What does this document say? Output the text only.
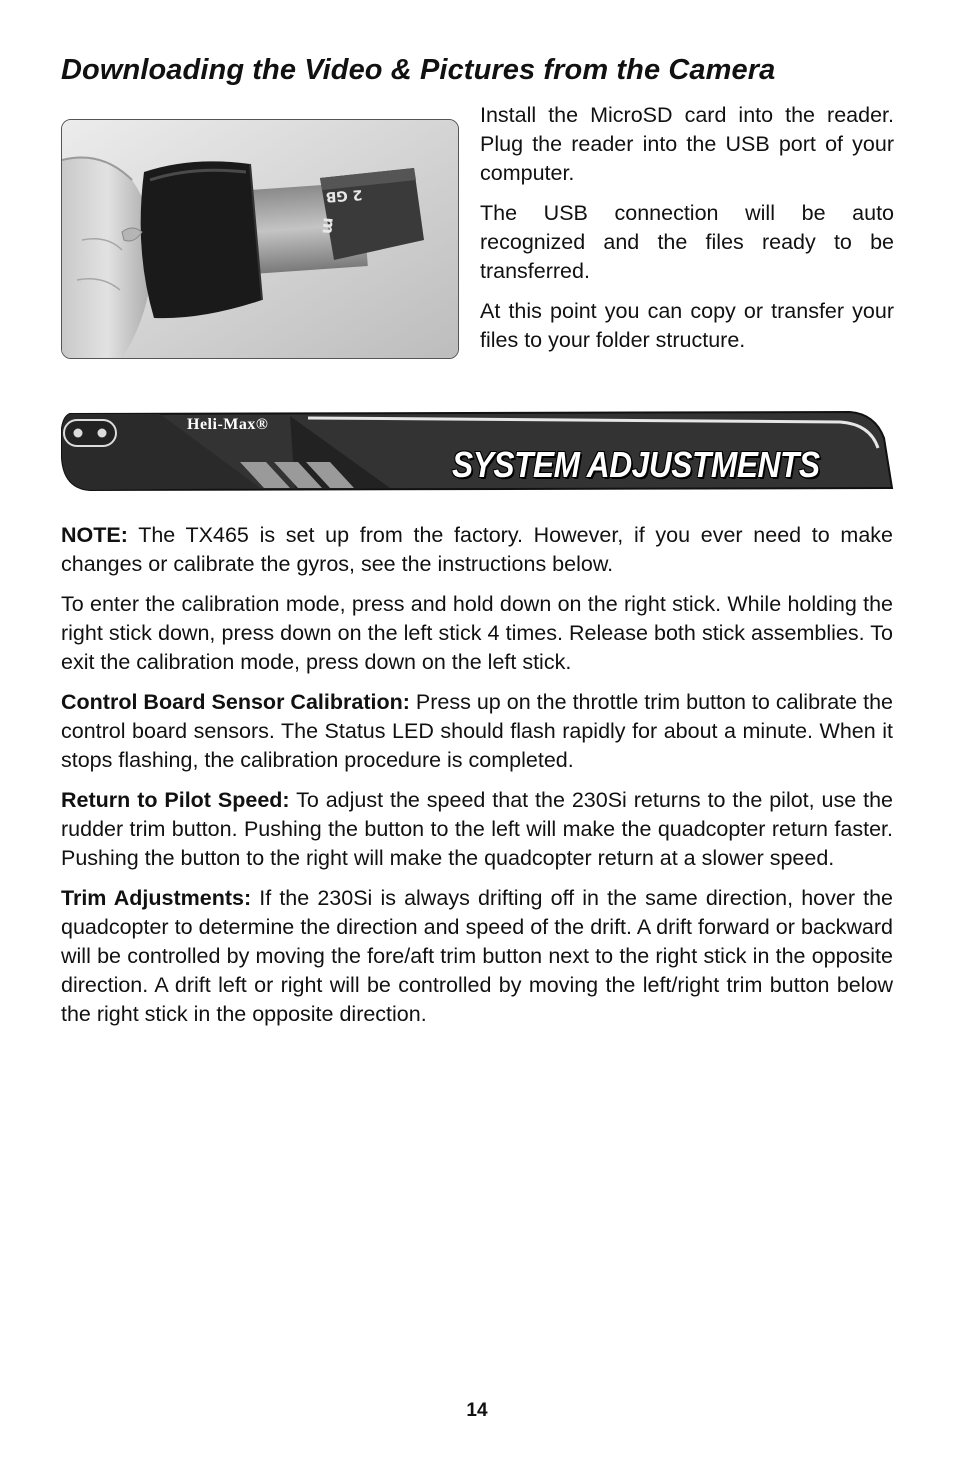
Downloading the Video & Pictures from the Camera
2 GB
m

Install the MicroSD card into the reader. Plug the reader into the USB port of your computer.

The USB connection will be auto recognized and the files ready to be transferred.

At this point you can copy or transfer your files to your folder structure.

Heli-Max®
SYSTEM ADJUSTMENTS

NOTE: The TX465 is set up from the factory. However, if you ever need to make changes or calibrate the gyros, see the instructions below.

To enter the calibration mode, press and hold down on the right stick. While holding the right stick down, press down on the left stick 4 times. Release both stick assemblies. To exit the calibration mode, press down on the left stick.

Control Board Sensor Calibration: Press up on the throttle trim button to calibrate the control board sensors. The Status LED should flash rapidly for about a minute. When it stops flashing, the calibration procedure is completed.

Return to Pilot Speed: To adjust the speed that the 230Si returns to the pilot, use the rudder trim button. Pushing the button to the left will make the quadcopter return faster. Pushing the button to the right will make the quadcopter return at a slower speed.

Trim Adjustments: If the 230Si is always drifting off in the same direction, hover the quadcopter to determine the direction and speed of the drift. A drift forward or backward will be controlled by moving the fore/aft trim button next to the right stick in the opposite direction. A drift left or right will be controlled by moving the left/right trim button below the right stick in the opposite direction.

14
